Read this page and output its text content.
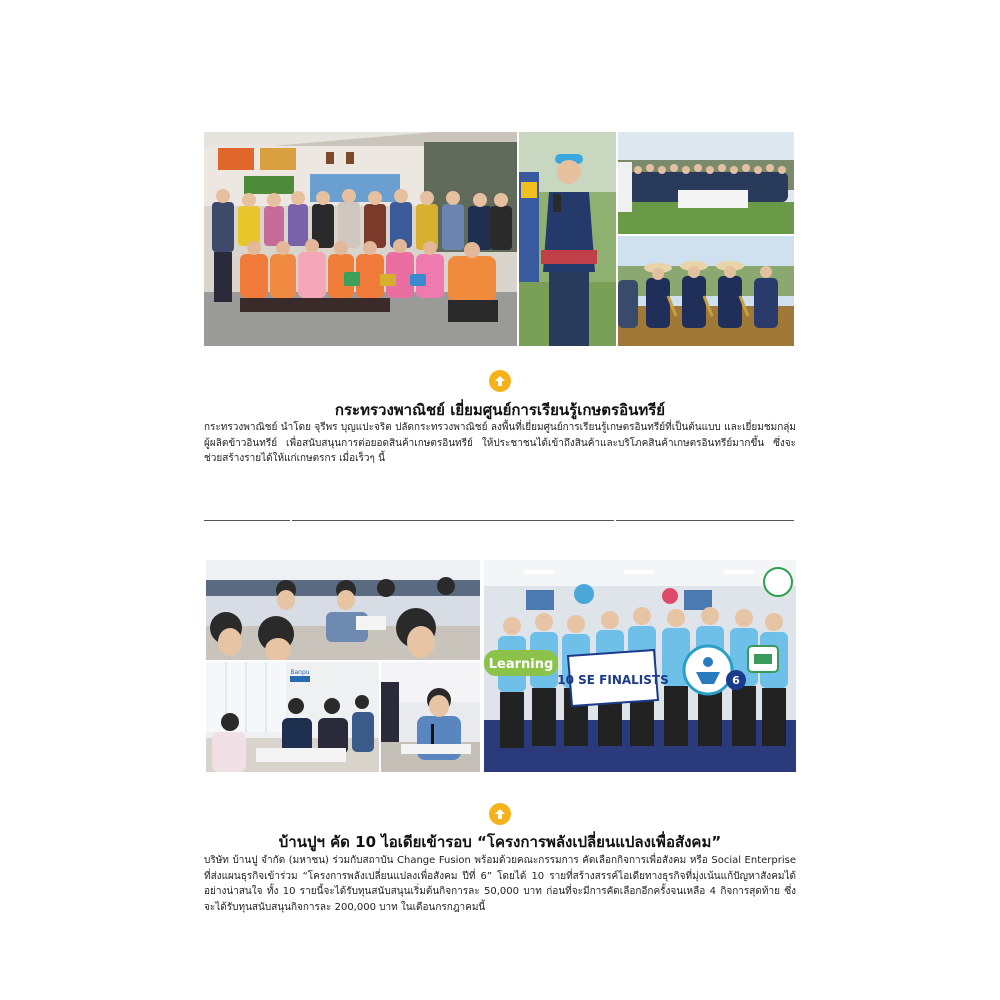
กระทรวงพาณิชย์ เยี่ยมศูนย์การเรียนรู้เกษตรอินทรีย์

กระทรวงพาณิชย์ นำโดย จุรีพร บุญแปะจริต ปลัดกระทรวงพาณิชย์ ลงพื้นที่เยี่ยมศูนย์การเรียนรู้เกษตรอินทรีย์ที่เป็นต้นแบบ และเยี่ยมชมกลุ่มผู้ผลิตข้าวอินทรีย์ เพื่อสนับสนุนการต่อยอดสินค้าเกษตรอินทรีย์ ให้ประชาชนได้เข้าถึงสินค้าและบริโภคสินค้าเกษตรอินทรีย์มากขึ้น ซึ่งจะช่วยสร้างรายได้ให้แก่เกษตรกร เมื่อเร็วๆ นี้

Banpu
Learning
10 SE FINALISTS	6
บ้านปูฯ คัด 10 ไอเดียเข้ารอบ “โครงการพลังเปลี่ยนแปลงเพื่อสังคม”

บริษัท บ้านปู จำกัด (มหาชน) ร่วมกับสถาบัน Change Fusion พร้อมด้วยคณะกรรมการ คัดเลือกกิจการเพื่อสังคม หรือ Social Enterprise ที่ส่งแผนธุรกิจเข้าร่วม “โครงการพลังเปลี่ยนแปลงเพื่อสังคม ปีที่ 6” โดยได้ 10 รายที่สร้างสรรค์ไอเดียทางธุรกิจที่มุ่งเน้นแก้ปัญหาสังคมได้อย่างน่าสนใจ ทั้ง 10 รายนี้จะได้รับทุนสนับสนุนเริ่มต้นกิจการละ 50,000 บาท ก่อนที่จะมีการคัดเลือกอีกครั้งจนเหลือ 4 กิจการสุดท้าย ซึ่งจะได้รับทุนสนับสนุนกิจการละ 200,000 บาท ในเดือนกรกฎาคมนี้
